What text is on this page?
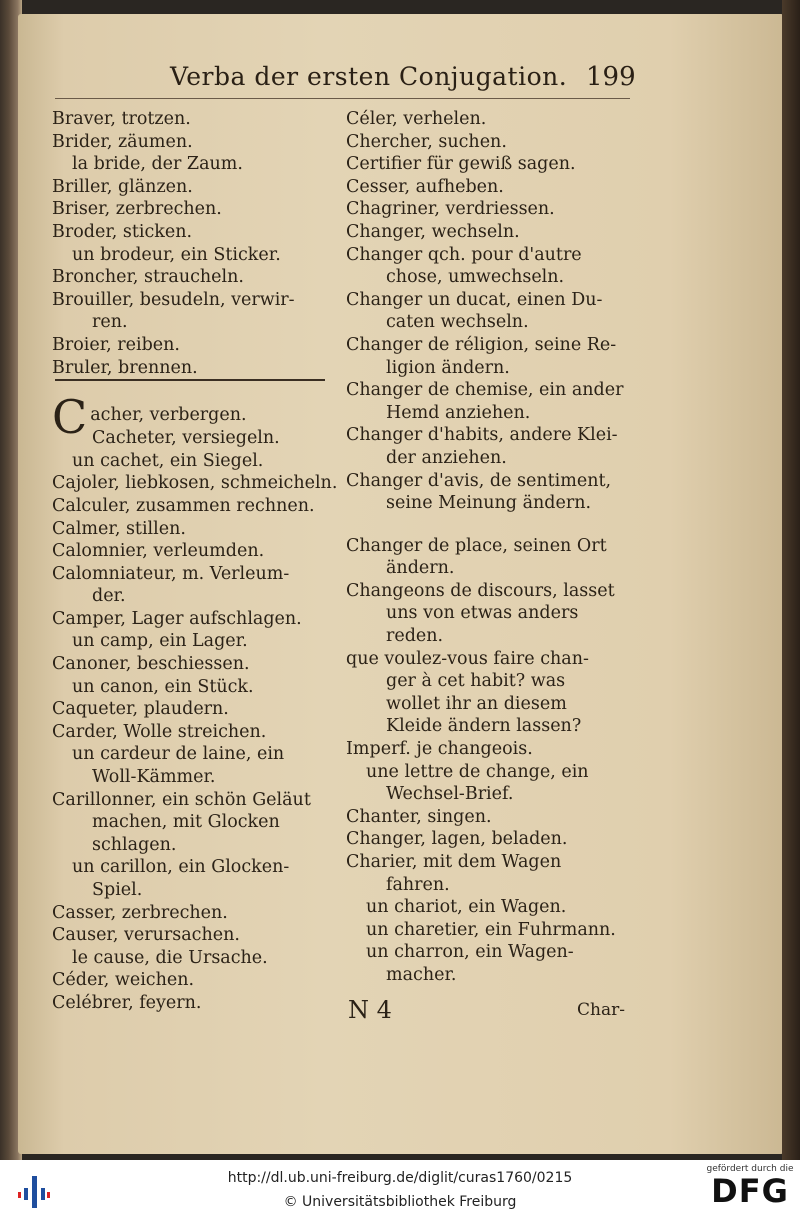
Verba der ersten Conjugation. 199
Braver, trotzen.
Brider, zäumen.
la bride, der Zaum.
Briller, glänzen.
Briser, zerbrechen.
Broder, sticken.
un brodeur, ein Sticker.
Broncher, straucheln.
Brouiller, besudeln, verwir-
ren.
Broier, reiben.
Bruler, brennen.
C acher, verbergen.
Cacheter, versiegeln.
un cachet, ein Siegel.
Cajoler, liebkosen, schmeicheln.
Calculer, zusammen rechnen.
Calmer, stillen.
Calomnier, verleumden.
Calomniateur, m. Verleum-
der.
Camper, Lager aufschlagen.
un camp, ein Lager.
Canoner, beschiessen.
un canon, ein Stück.
Caqueter, plaudern.
Carder, Wolle streichen.
un cardeur de laine, ein
Woll-Kämmer.
Carillonner, ein schön Geläut
machen, mit Glocken
schlagen.
un carillon, ein Glocken-
Spiel.
Casser, zerbrechen.
Causer, verursachen.
le cause, die Ursache.
Céder, weichen.
Celébrer, feyern.
Céler, verhelen.
Chercher, suchen.
Certifier für gewiß sagen.
Cesser, aufheben.
Chagriner, verdriessen.
Changer, wechseln.
Changer qch. pour d'autre
chose, umwechseln.
Changer un ducat, einen Du-
caten wechseln.
Changer de réligion, seine Re-
ligion ändern.
Changer de chemise, ein ander
Hemd anziehen.
Changer d'habits, andere Klei-
der anziehen.
Changer d'avis, de sentiment,
seine Meinung ändern.
Changer de place, seinen Ort
ändern.
Changeons de discours, lasset
uns von etwas anders
reden.
que voulez-vous faire chan-
ger à cet habit? was
wollet ihr an diesem
Kleide ändern lassen?
Imperf. je changeois.
une lettre de change, ein
Wechsel-Brief.
Chanter, singen.
Changer, lagen, beladen.
Charier, mit dem Wagen
fahren.
un chariot, ein Wagen.
un charetier, ein Fuhrmann.
un charron, ein Wagen-
macher.
N 4	Char-
http://dl.ub.uni-freiburg.de/diglit/curas1760/0215
© Universitätsbibliothek Freiburg
gefördert durch die
DFG
